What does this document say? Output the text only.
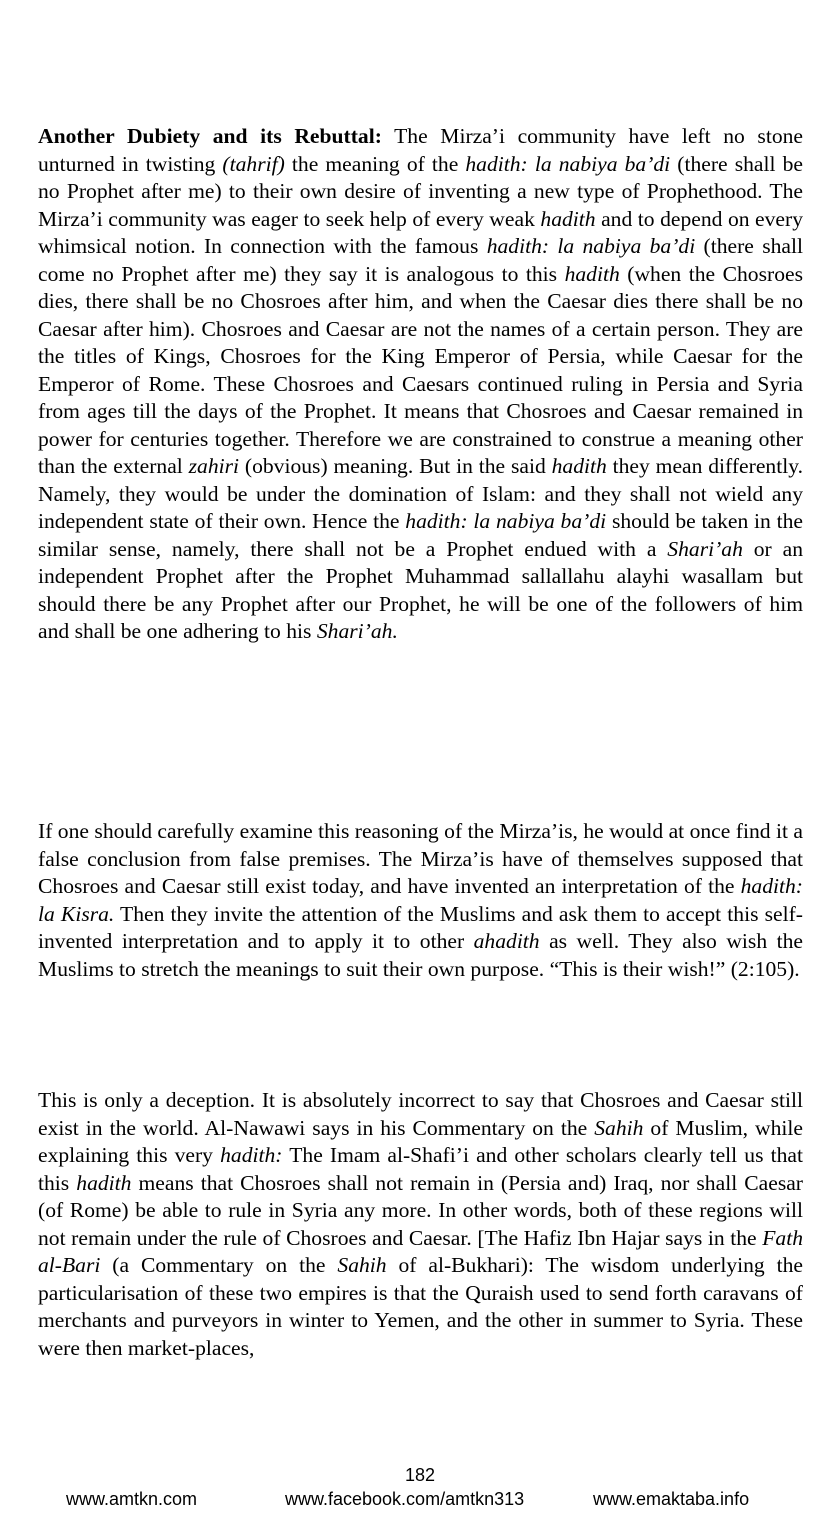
Another Dubiety and its Rebuttal: The Mirza’i community have left no stone unturned in twisting (tahrif) the meaning of the hadith: la nabiya ba’di (there shall be no Prophet after me) to their own desire of inventing a new type of Prophethood. The Mirza’i community was eager to seek help of every weak hadith and to depend on every whimsical notion. In connection with the famous hadith: la nabiya ba’di (there shall come no Prophet after me) they say it is analogous to this hadith (when the Chosroes dies, there shall be no Chosroes after him, and when the Caesar dies there shall be no Caesar after him). Chosroes and Caesar are not the names of a certain person. They are the titles of Kings, Chosroes for the King Emperor of Persia, while Caesar for the Emperor of Rome. These Chosroes and Caesars continued ruling in Persia and Syria from ages till the days of the Prophet. It means that Chosroes and Caesar remained in power for centuries together. Therefore we are constrained to construe a meaning other than the external zahiri (obvious) meaning. But in the said hadith they mean differently. Namely, they would be under the domination of Islam: and they shall not wield any independent state of their own. Hence the hadith: la nabiya ba’di should be taken in the similar sense, namely, there shall not be a Prophet endued with a Shari’ah or an independent Prophet after the Prophet Muhammad sallallahu alayhi wasallam but should there be any Prophet after our Prophet, he will be one of the followers of him and shall be one adhering to his Shari’ah.

If one should carefully examine this reasoning of the Mirza’is, he would at once find it a false conclusion from false premises. The Mirza’is have of themselves supposed that Chosroes and Caesar still exist today, and have invented an interpretation of the hadith: la Kisra. Then they invite the attention of the Muslims and ask them to accept this self-invented interpretation and to apply it to other ahadith as well. They also wish the Muslims to stretch the meanings to suit their own purpose. “This is their wish!” (2:105).

This is only a deception. It is absolutely incorrect to say that Chosroes and Caesar still exist in the world. Al-Nawawi says in his Commentary on the Sahih of Muslim, while explaining this very hadith: The Imam al-Shafi’i and other scholars clearly tell us that this hadith means that Chosroes shall not remain in (Persia and) Iraq, nor shall Caesar (of Rome) be able to rule in Syria any more. In other words, both of these regions will not remain under the rule of Chosroes and Caesar. [The Hafiz Ibn Hajar says in the Fath al-Bari (a Commentary on the Sahih of al-Bukhari): The wisdom underlying the particularisation of these two empires is that the Quraish used to send forth caravans of merchants and purveyors in winter to Yemen, and the other in summer to Syria. These were then market-places,

182
www.amtkn.com	www.facebook.com/amtkn313	www.emaktaba.info
